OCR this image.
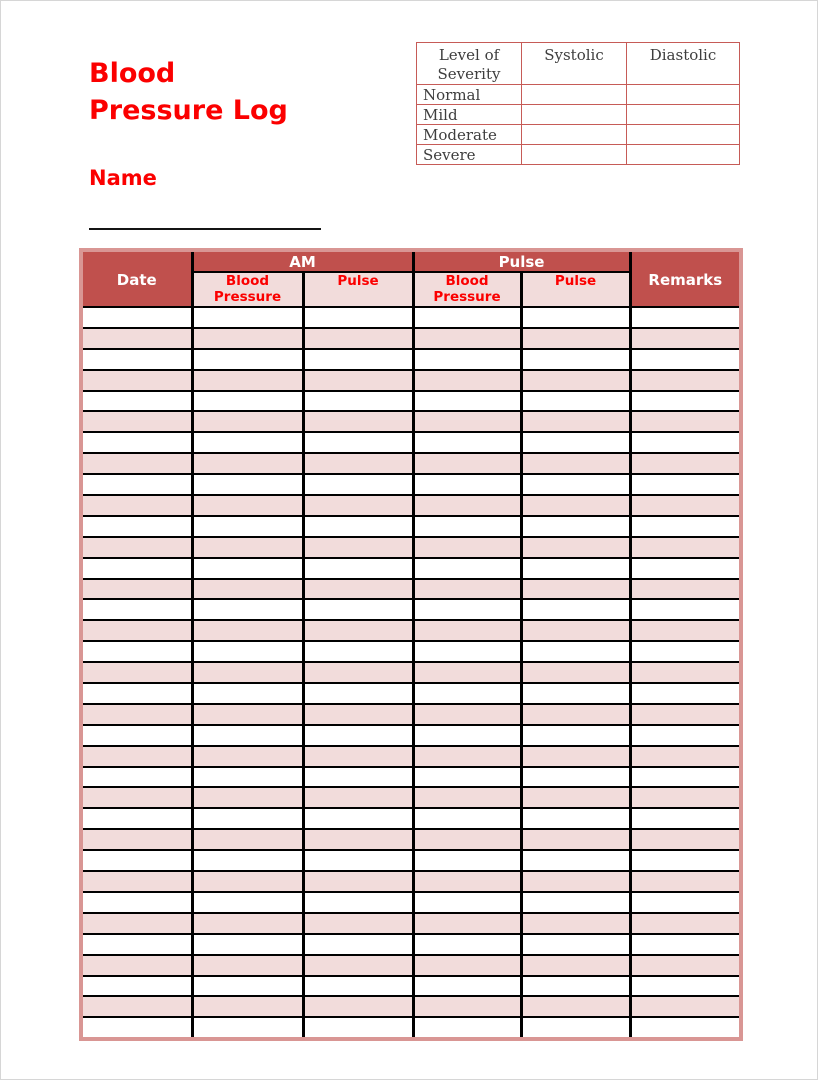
Blood
Pressure Log
Name
Level of Severity	Systolic	Diastolic
Normal		
Mild		
Moderate		
Severe		
Date	AM		Pulse		Remarks
	Blood Pressure	Pulse	Blood Pressure	Pulse	
